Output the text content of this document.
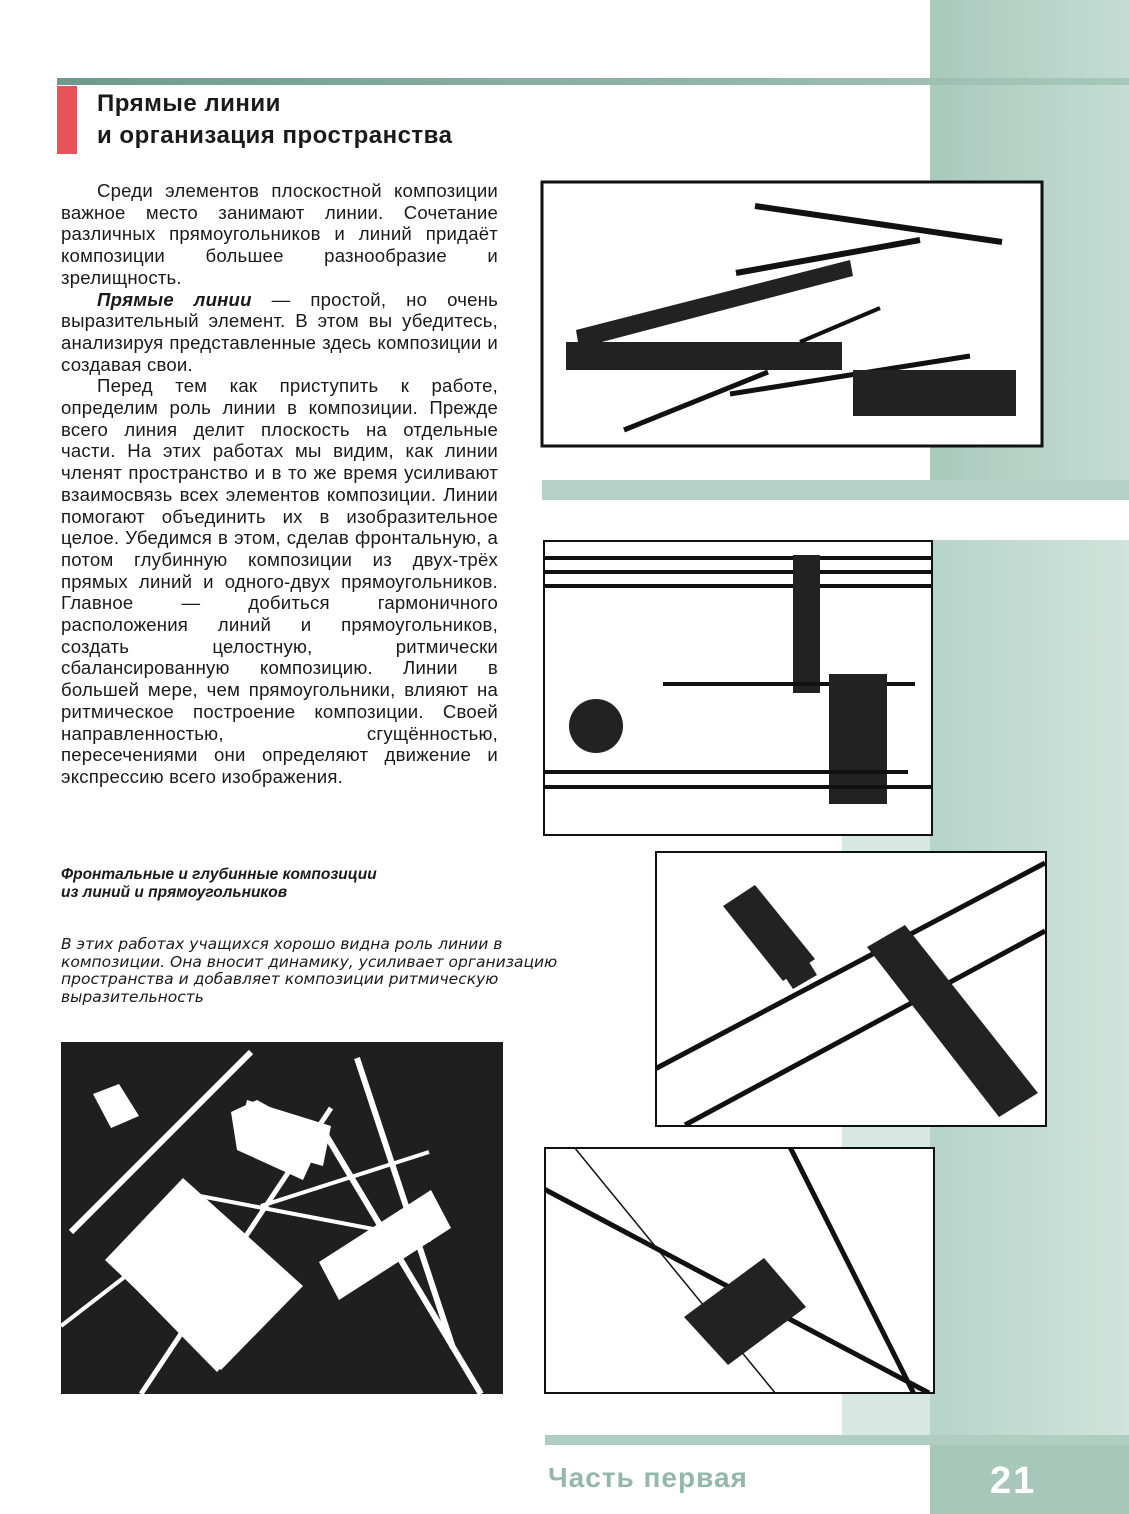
Прямые линии
и организация пространства

Среди элементов плоскостной композиции важное место занимают линии. Сочетание различных прямоугольников и линий придаёт композиции большее разнообразие и зрелищность.

Прямые линии — простой, но очень выразительный элемент. В этом вы убедитесь, анализируя представленные здесь композиции и создавая свои.

Перед тем как приступить к работе, определим роль линии в композиции. Прежде всего линия делит плоскость на отдельные части. На этих работах мы видим, как линии членят пространство и в то же время усиливают взаимосвязь всех элементов композиции. Линии помогают объединить их в изобразительное целое. Убедимся в этом, сделав фронтальную, а потом глубинную композиции из двух-трёх прямых линий и одного-двух прямоугольников. Главное — добиться гармоничного расположения линий и прямоугольников, создать целостную, ритмически сбалансированную композицию. Линии в большей мере, чем прямоугольники, влияют на ритмическое построение композиции. Своей направленностью, сгущённостью, пересечениями они определяют движение и экспрессию всего изображения.

Фронтальные и глубинные композиции
из линий и прямоугольников
В этих работах учащихся хорошо видна роль линии в композиции. Она вносит динамику, усиливает организацию пространства и добавляет композиции ритмическую выразительность
Часть первая	21
